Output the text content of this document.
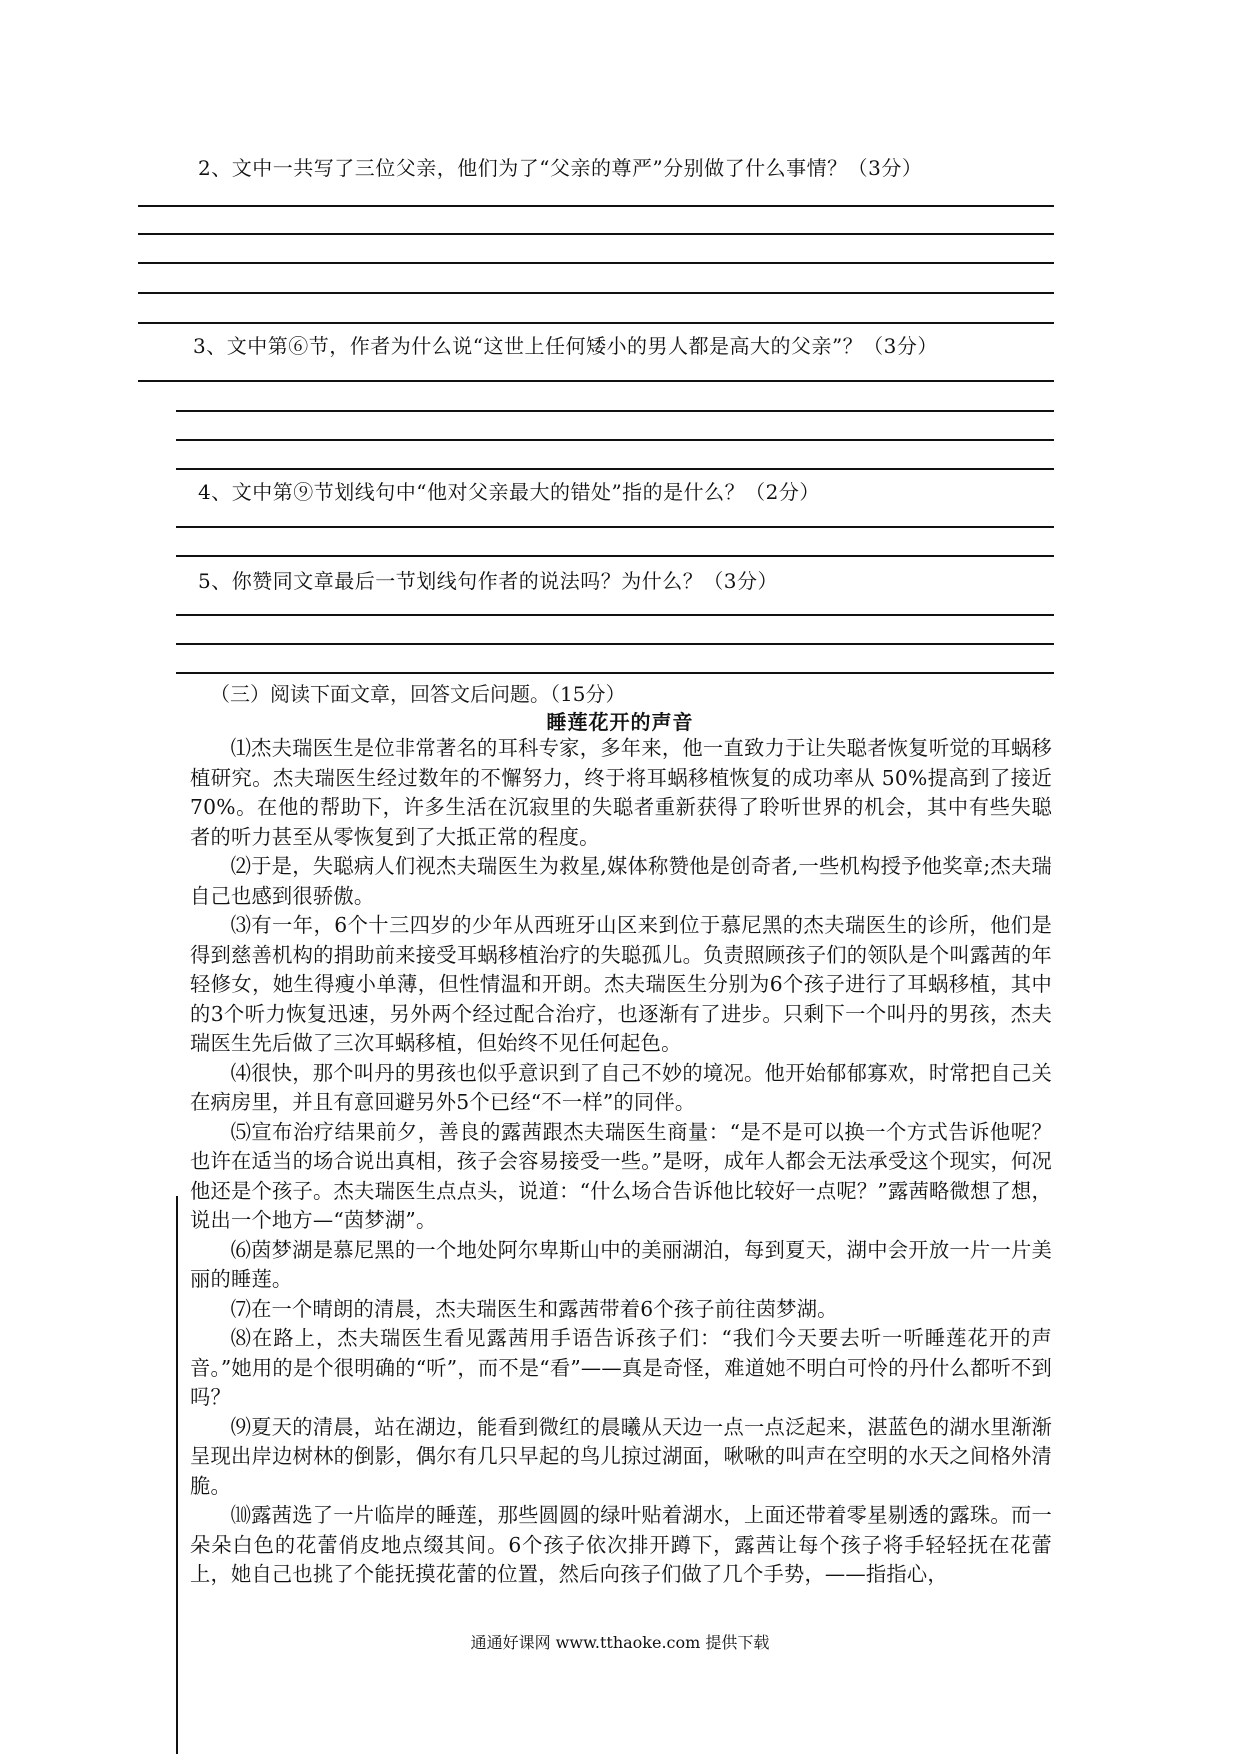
2、文中一共写了三位父亲，他们为了“父亲的尊严”分别做了什么事情？（3分）
3、文中第⑥节，作者为什么说“这世上任何矮小的男人都是高大的父亲”？（3分）
4、文中第⑨节划线句中“他对父亲最大的错处”指的是什么？（2分）
5、你赞同文章最后一节划线句作者的说法吗？为什么？（3分）
（三）阅读下面文章，回答文后问题。（15分）
睡莲花开的声音

⑴杰夫瑞医生是位非常著名的耳科专家，多年来，他一直致力于让失聪者恢复听觉的耳蜗移植研究。杰夫瑞医生经过数年的不懈努力，终于将耳蜗移植恢复的成功率从 50%提高到了接近 70%。在他的帮助下，许多生活在沉寂里的失聪者重新获得了聆听世界的机会，其中有些失聪者的听力甚至从零恢复到了大抵正常的程度。

⑵于是，失聪病人们视杰夫瑞医生为救星,媒体称赞他是创奇者,一些机构授予他奖章;杰夫瑞自己也感到很骄傲。

⑶有一年，6个十三四岁的少年从西班牙山区来到位于慕尼黑的杰夫瑞医生的诊所，他们是得到慈善机构的捐助前来接受耳蜗移植治疗的失聪孤儿。负责照顾孩子们的领队是个叫露茜的年轻修女，她生得瘦小单薄，但性情温和开朗。杰夫瑞医生分别为6个孩子进行了耳蜗移植，其中的3个听力恢复迅速，另外两个经过配合治疗，也逐渐有了进步。只剩下一个叫丹的男孩，杰夫瑞医生先后做了三次耳蜗移植，但始终不见任何起色。

⑷很快，那个叫丹的男孩也似乎意识到了自己不妙的境况。他开始郁郁寡欢，时常把自己关在病房里，并且有意回避另外5个已经“不一样”的同伴。

⑸宣布治疗结果前夕，善良的露茜跟杰夫瑞医生商量：“是不是可以换一个方式告诉他呢？也许在适当的场合说出真相，孩子会容易接受一些。”是呀，成年人都会无法承受这个现实，何况他还是个孩子。杰夫瑞医生点点头，说道：“什么场合告诉他比较好一点呢？”露茜略微想了想，说出一个地方—“茵梦湖”。

⑹茵梦湖是慕尼黑的一个地处阿尔卑斯山中的美丽湖泊，每到夏天，湖中会开放一片一片美丽的睡莲。

⑺在一个晴朗的清晨，杰夫瑞医生和露茜带着6个孩子前往茵梦湖。

⑻在路上，杰夫瑞医生看见露茜用手语告诉孩子们：“我们今天要去听一听睡莲花开的声音。”她用的是个很明确的“听”，而不是“看”——真是奇怪，难道她不明白可怜的丹什么都听不到吗？

⑼夏天的清晨，站在湖边，能看到微红的晨曦从天边一点一点泛起来，湛蓝色的湖水里渐渐呈现出岸边树林的倒影，偶尔有几只早起的鸟儿掠过湖面，啾啾的叫声在空明的水天之间格外清脆。

⑽露茜选了一片临岸的睡莲，那些圆圆的绿叶贴着湖水，上面还带着零星剔透的露珠。而一朵朵白色的花蕾俏皮地点缀其间。6个孩子依次排开蹲下，露茜让每个孩子将手轻轻抚在花蕾上，她自己也挑了个能抚摸花蕾的位置，然后向孩子们做了几个手势，——指指心，

通通好课网 www.tthaoke.com 提供下载
